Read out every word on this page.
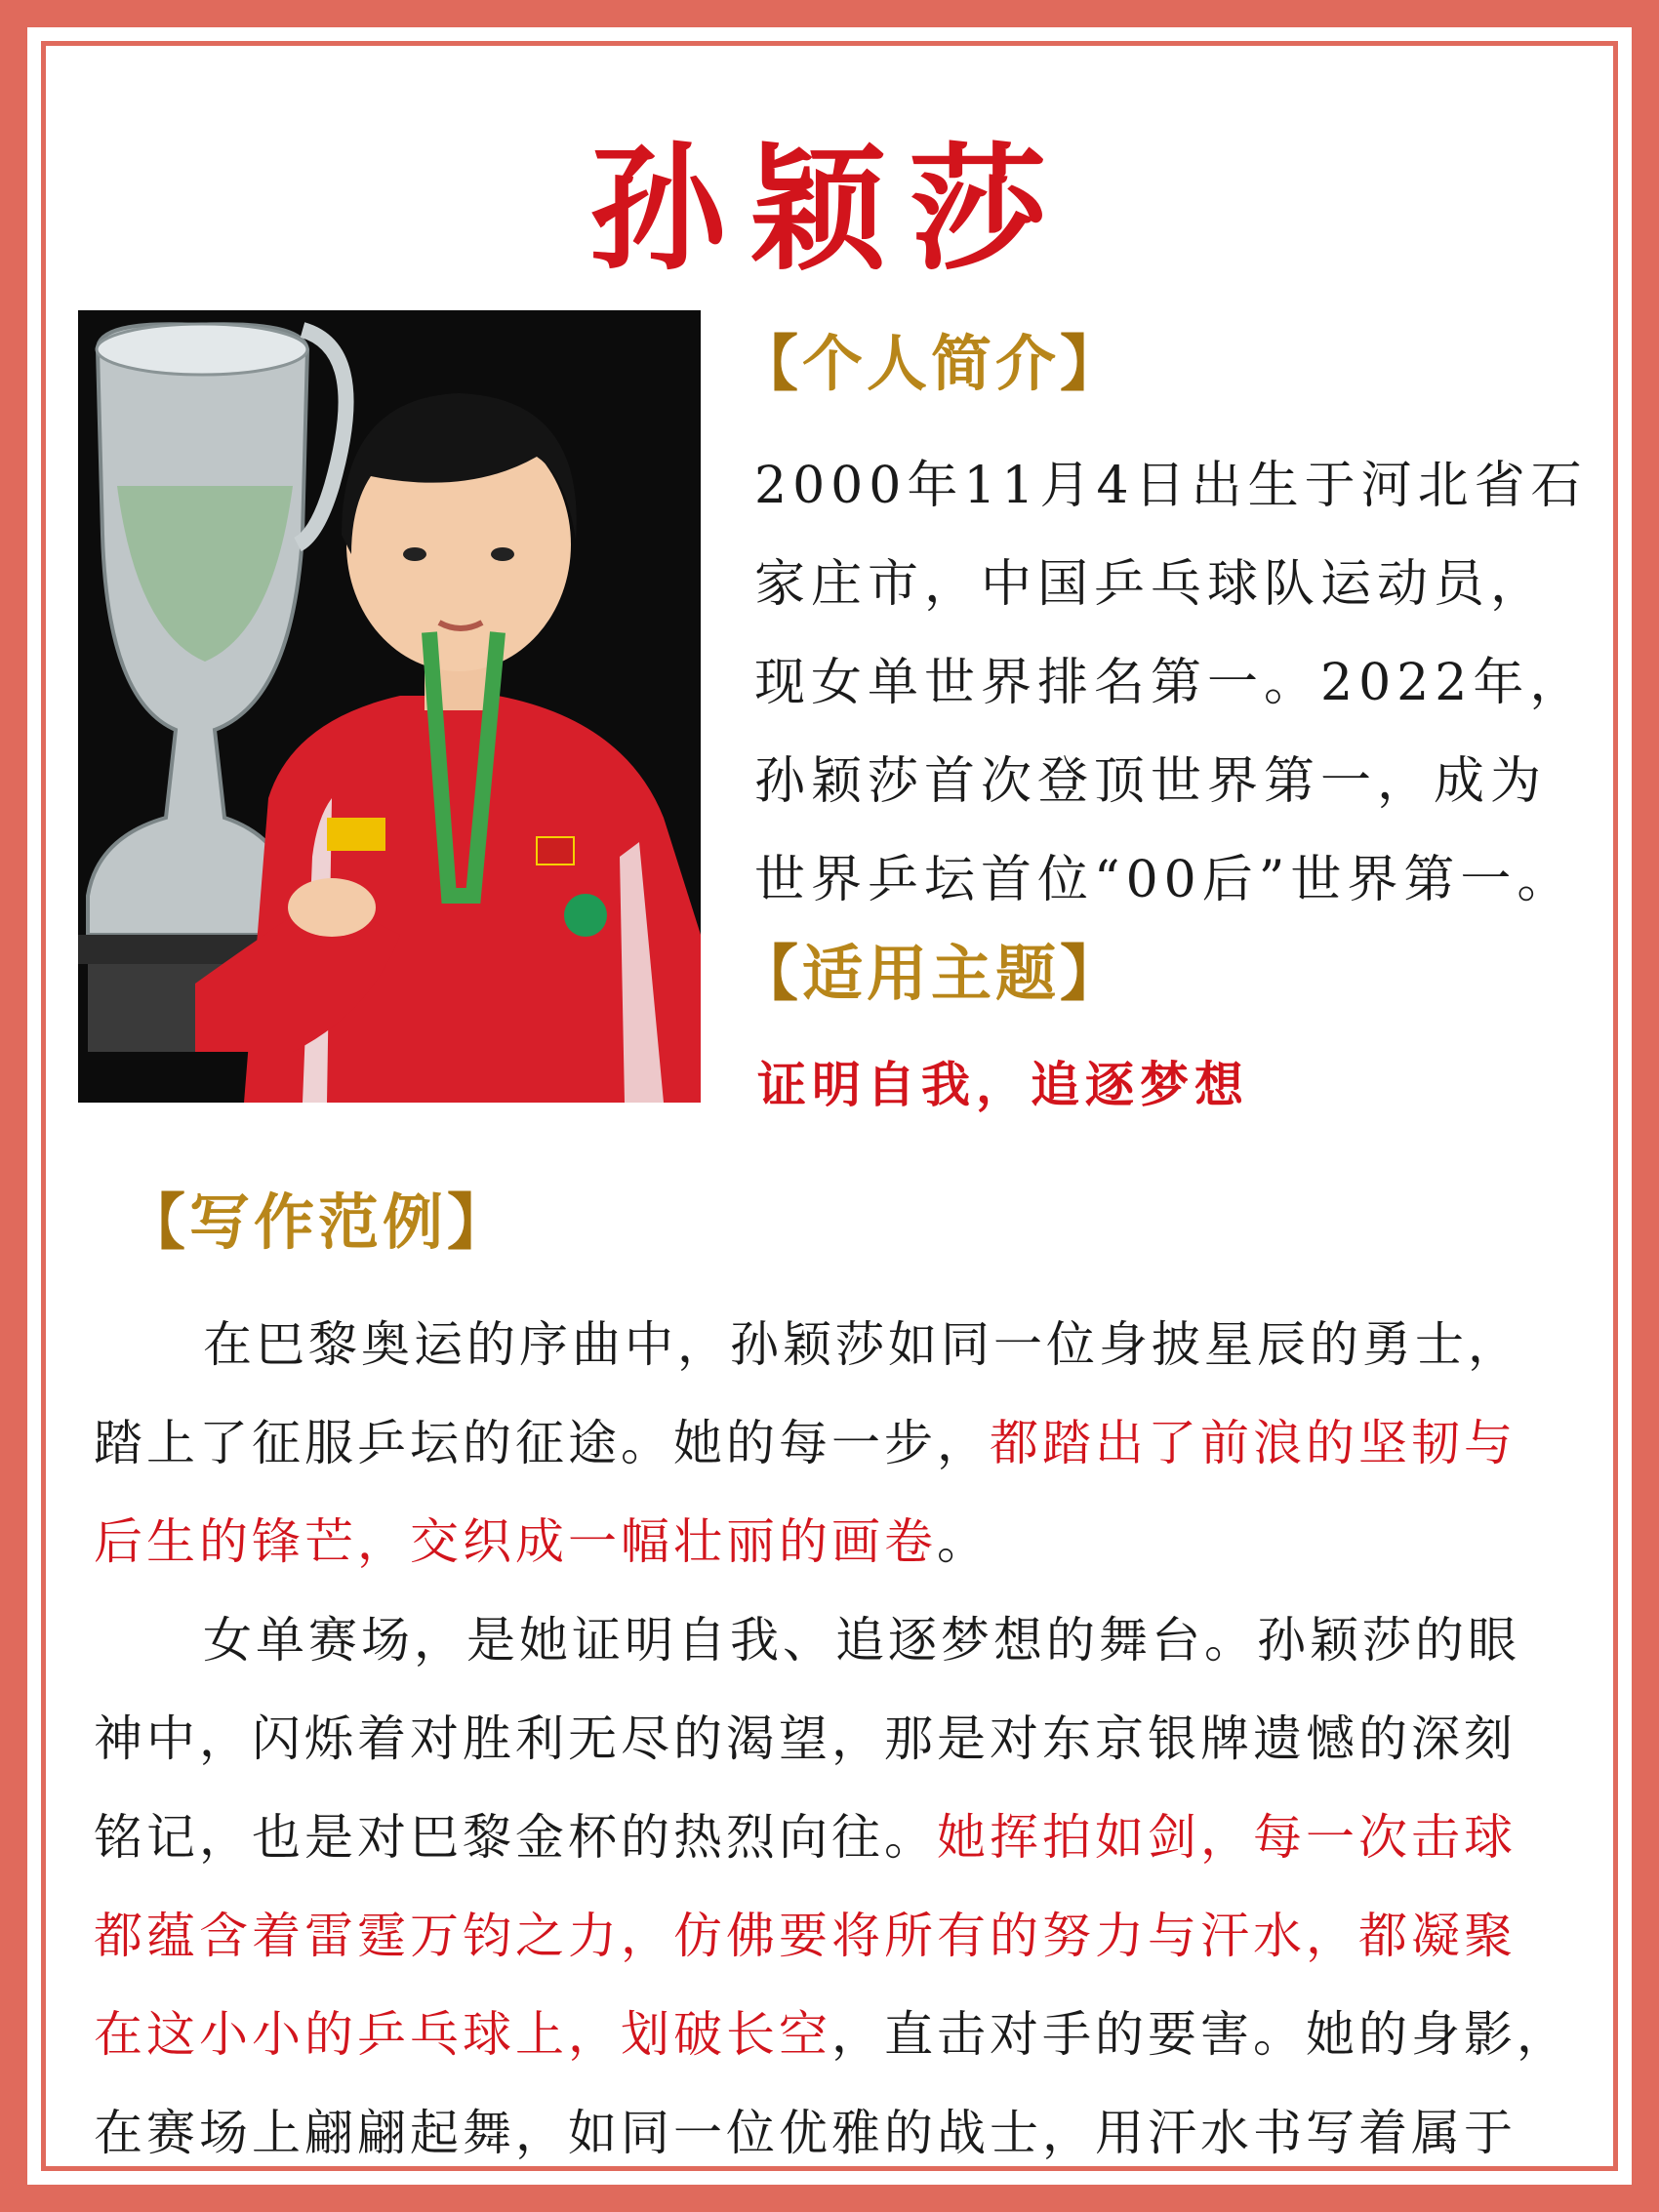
孙颖莎
【个人简介】
2000年11月4日出生于河北省石
家庄市，中国乒乓球队运动员，
现女单世界排名第一。2022年，
孙颖莎首次登顶世界第一，成为
世界乒坛首位“00后”世界第一。
【适用主题】
证明自我，追逐梦想
【写作范例】
在巴黎奥运的序曲中，孙颖莎如同一位身披星辰的勇士，
踏上了征服乒坛的征途。她的每一步，都踏出了前浪的坚韧与
后生的锋芒，交织成一幅壮丽的画卷。
女单赛场，是她证明自我、追逐梦想的舞台。孙颖莎的眼
神中，闪烁着对胜利无尽的渴望，那是对东京银牌遗憾的深刻
铭记，也是对巴黎金杯的热烈向往。她挥拍如剑，每一次击球
都蕴含着雷霆万钧之力，仿佛要将所有的努力与汗水，都凝聚
在这小小的乒乓球上，划破长空，直击对手的要害。她的身影，
在赛场上翩翩起舞，如同一位优雅的战士，用汗水书写着属于
